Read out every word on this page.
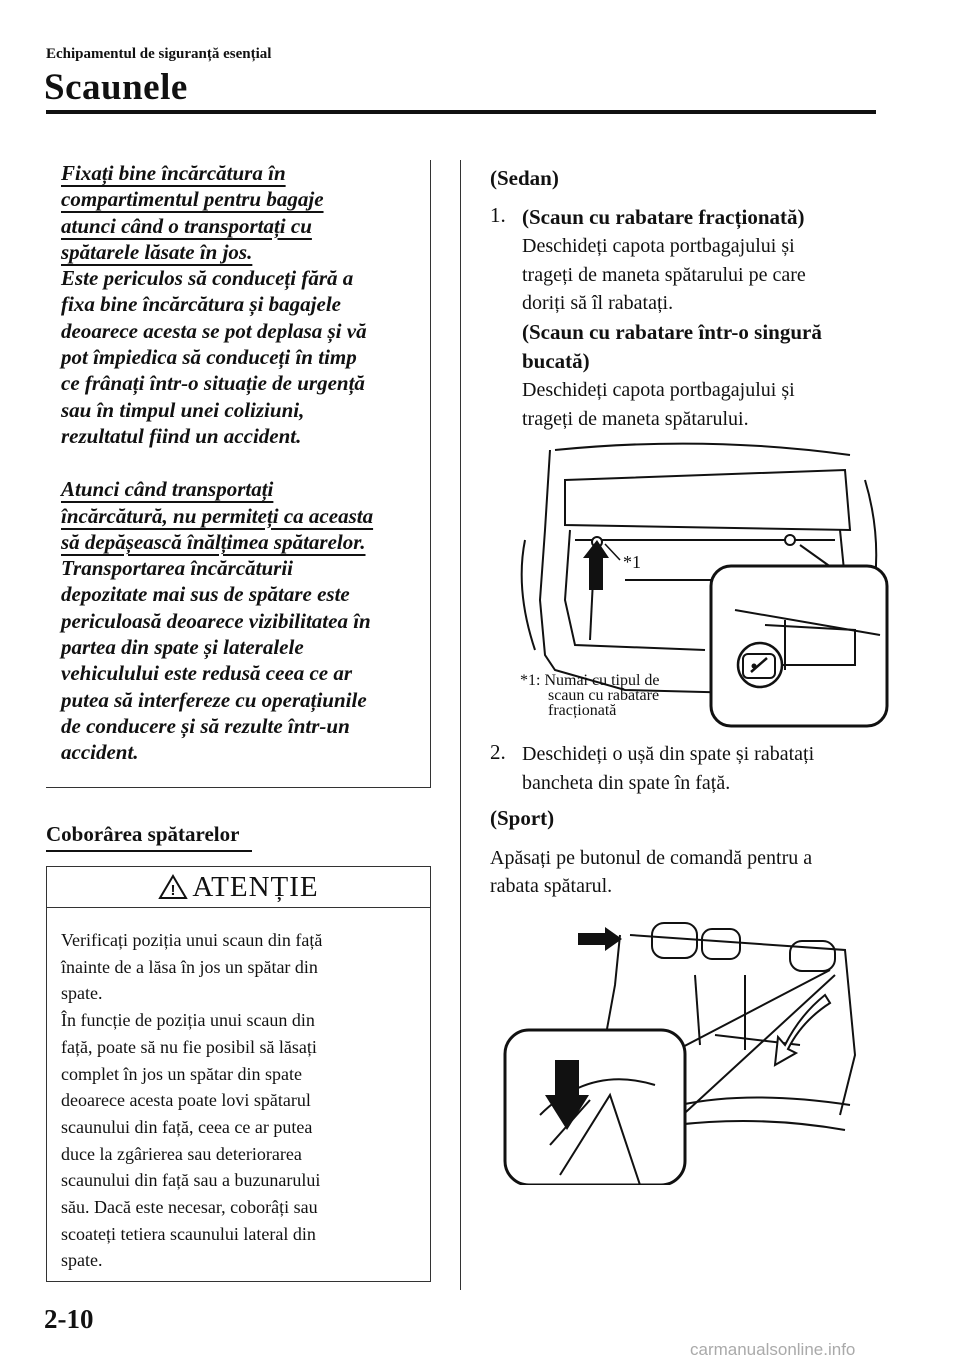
Echipamentul de siguranță esențial
Scaunele

Fixați bine încărcătura în

compartimentul pentru bagaje

atunci când o transportați cu

spătarele lăsate în jos.

Este periculos să conduceți fără a

fixa bine încărcătura și bagajele

deoarece acesta se pot deplasa și vă

pot împiedica să conduceți în timp

ce frânați într-o situație de urgență

sau în timpul unei coliziuni,

rezultatul fiind un accident.

Atunci când transportați

încărcătură, nu permiteți ca aceasta

să depășească înălțimea spătarelor.

Transportarea încărcăturii

depozitate mai sus de spătare este

periculoasă deoarece vizibilitatea în

partea din spate și lateralele

vehiculului este redusă ceea ce ar

putea să interfereze cu operațiunile

de conducere și să rezulte într-un

accident.

Coborârea spătarelor
! ATENȚIE
Verificați poziția unui scaun din față
înainte de a lăsa în jos un spătar din
spate.
În funcție de poziția unui scaun din
față, poate să nu fie posibil să lăsați
complet în jos un spătar din spate
deoarece acesta poate lovi spătarul
scaunului din față, ceea ce ar putea
duce la zgârierea sau deteriorarea
scaunului din față sau a buzunarului
său. Dacă este necesar, coborâți sau
scoateți tetiera scaunului lateral din
spate.
(Sedan)
1. (Scaun cu rabatare fracționată)
Deschideți capota portbagajului și
trageți de maneta spătarului pe care
doriți să îl rabatați.
(Scaun cu rabatare într-o singură
bucată)
Deschideți capota portbagajului și
trageți de maneta spătarului.
*1
*1: Numai cu tipul de
scaun cu rabatare
fracționată
2. Deschideți o ușă din spate și rabatați
bancheta din spate în față.
(Sport)
Apăsați pe butonul de comandă pentru a
rabata spătarul.
2-10
carmanualsonline.info
